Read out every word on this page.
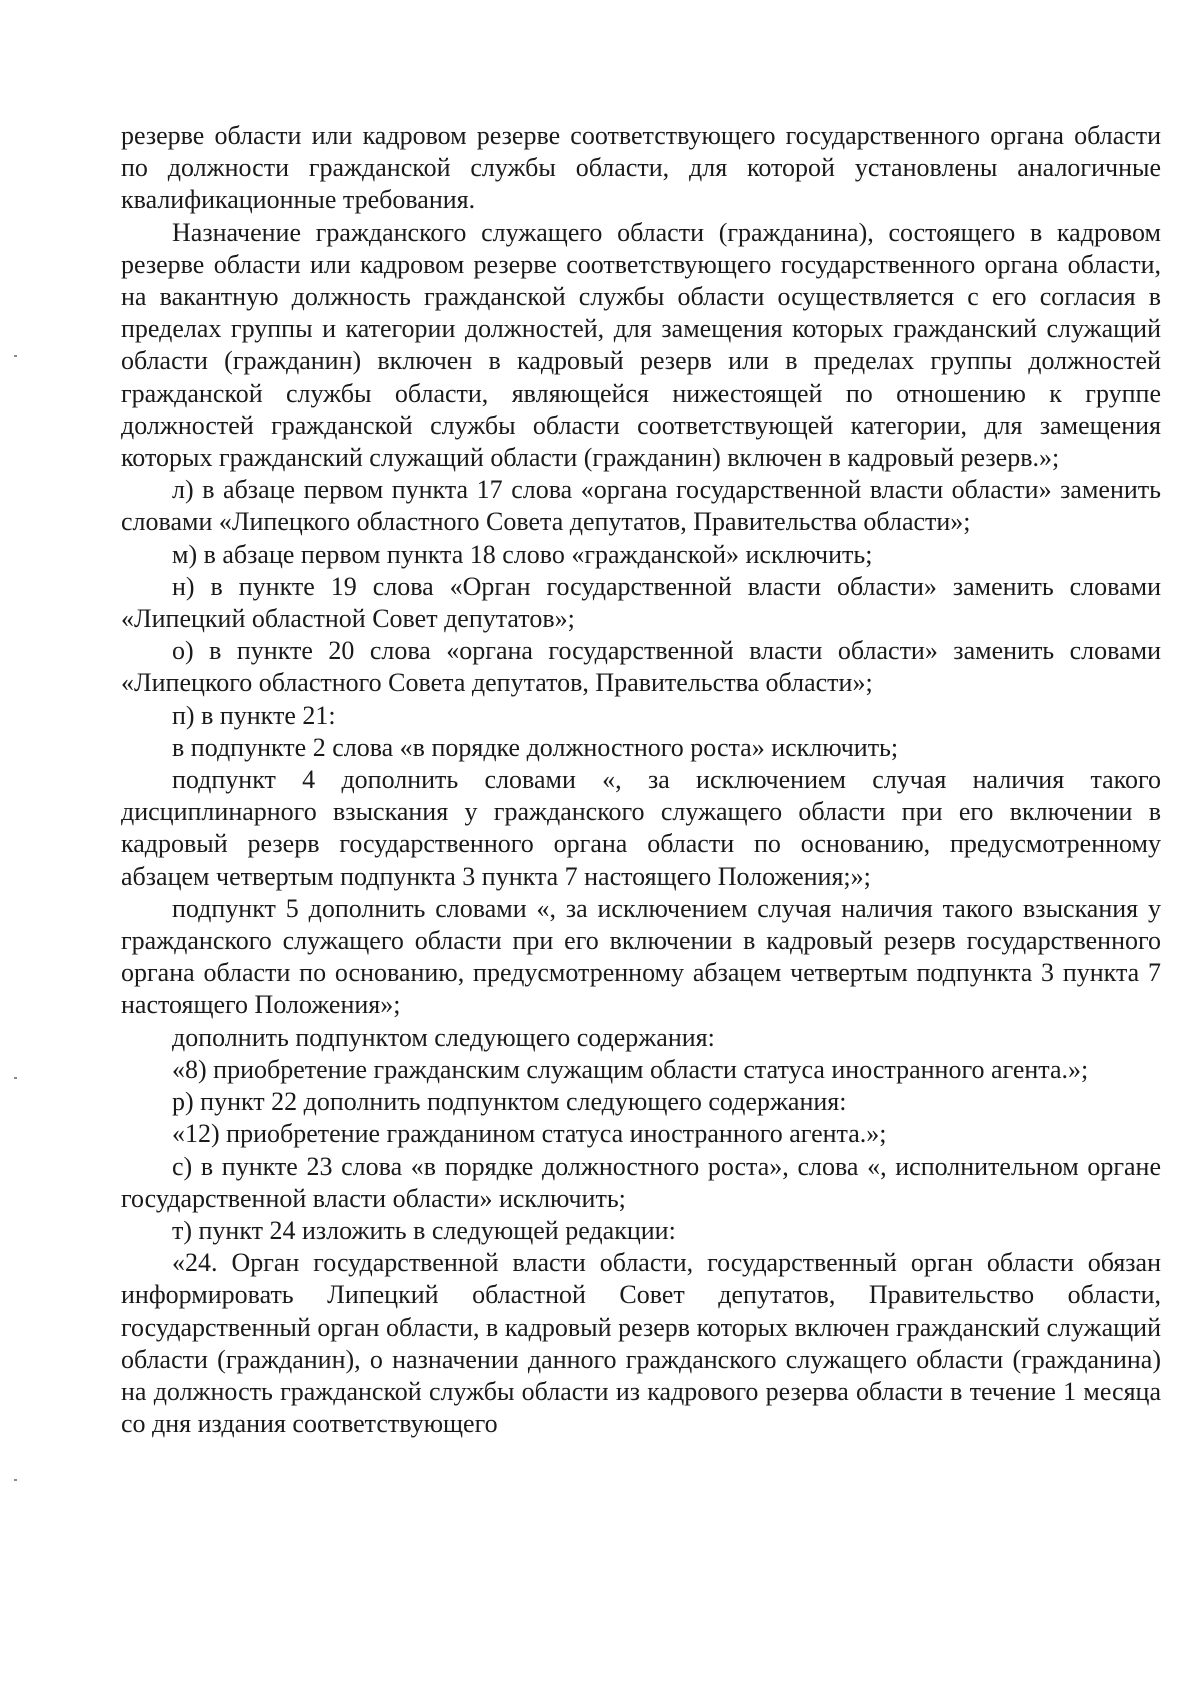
резерве области или кадровом резерве соответствующего государственного органа области по должности гражданской службы области, для которой установлены аналогичные квалификационные требования.

Назначение гражданского служащего области (гражданина), состоящего в кадровом резерве области или кадровом резерве соответствующего государственного органа области, на вакантную должность гражданской службы области осуществляется с его согласия в пределах группы и категории должностей, для замещения которых гражданский служащий области (гражданин) включен в кадровый резерв или в пределах группы должностей гражданской службы области, являющейся нижестоящей по отношению к группе должностей гражданской службы области соответствующей категории, для замещения которых гражданский служащий области (гражданин) включен в кадровый резерв.»;

л) в абзаце первом пункта 17 слова «органа государственной власти области» заменить словами «Липецкого областного Совета депутатов, Правительства области»;

м) в абзаце первом пункта 18 слово «гражданской» исключить;

н) в пункте 19 слова «Орган государственной власти области» заменить словами «Липецкий областной Совет депутатов»;

о) в пункте 20 слова «органа государственной власти области» заменить словами «Липецкого областного Совета депутатов, Правительства области»;

п) в пункте 21:

в подпункте 2 слова «в порядке должностного роста» исключить;

подпункт 4 дополнить словами «, за исключением случая наличия такого дисциплинарного взыскания у гражданского служащего области при его включении в кадровый резерв государственного органа области по основанию, предусмотренному абзацем четвертым подпункта 3 пункта 7 настоящего Положения;»;

подпункт 5 дополнить словами «, за исключением случая наличия такого взыскания у гражданского служащего области при его включении в кадровый резерв государственного органа области по основанию, предусмотренному абзацем четвертым подпункта 3 пункта 7 настоящего Положения»;

дополнить подпунктом следующего содержания:

«8) приобретение гражданским служащим области статуса иностранного агента.»;

р) пункт 22 дополнить подпунктом следующего содержания:

«12) приобретение гражданином статуса иностранного агента.»;

с) в пункте 23 слова «в порядке должностного роста», слова «, исполнительном органе государственной власти области» исключить;

т) пункт 24 изложить в следующей редакции:

«24. Орган государственной власти области, государственный орган области обязан информировать Липецкий областной Совет депутатов, Правительство области, государственный орган области, в кадровый резерв которых включен гражданский служащий области (гражданин), о назначении данного гражданского служащего области (гражданина) на должность гражданской службы области из кадрового резерва области в течение 1 месяца со дня издания соответствующего
